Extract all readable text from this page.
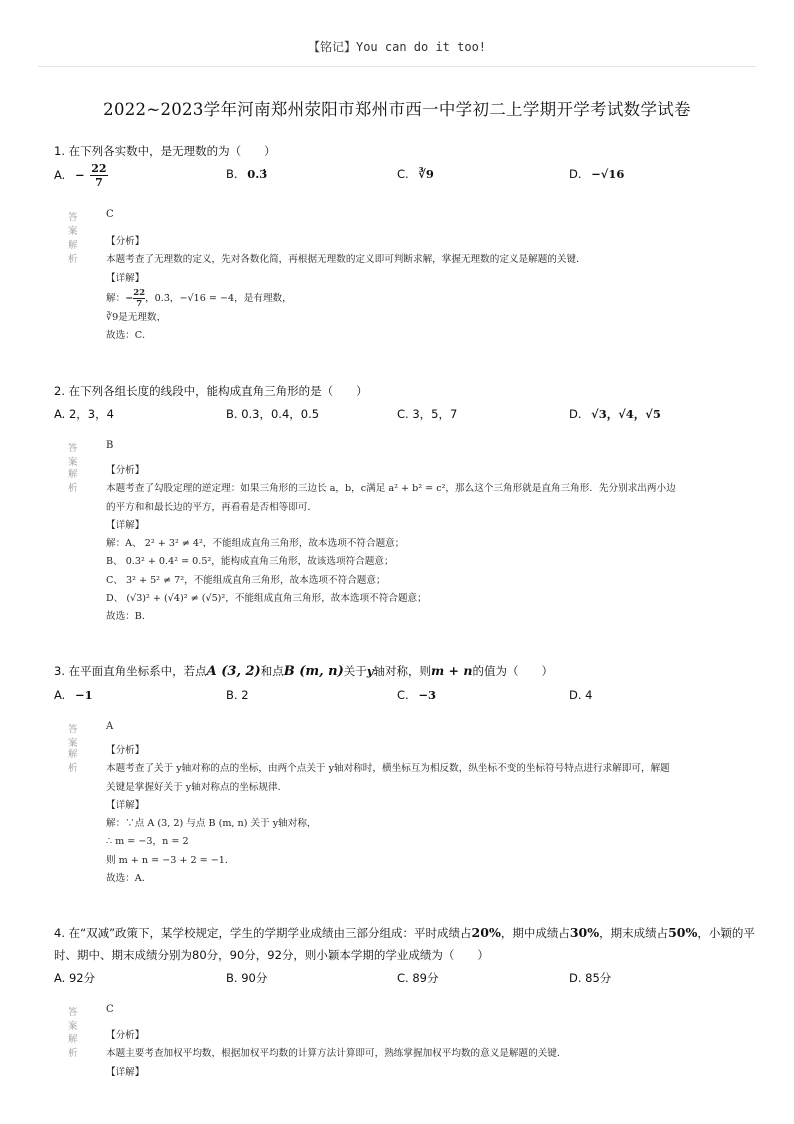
【铭记】You can do it too!
2022~2023学年河南郑州荥阳市郑州市西一中学初二上学期开学考试数学试卷
1. 在下列各实数中，是无理数的为（　　）
A. − $\frac{22}{7}$	B. 0.3̇	C. ∛9	D. −√16
答案
C
解析
【分析】
本题考查了无理数的定义，先对各数化简，再根据无理数的定义即可判断求解，掌握无理数的定义是解题的关键．
【详解】
解：− $\frac{22}{7}$ ，0.3̇，−√16 = −4，是有理数，
∛9是无理数，
故选：C．
2. 在下列各组长度的线段中，能构成直角三角形的是（　　）
A. 2，3，4	B. 0.3，0.4，0.5	C. 3，5，7	D. √3，√4，√5
答案
B
解析
【分析】
本题考查了勾股定理的逆定理：如果三角形的三边长 a，b，c满足 a² + b² = c²，那么这个三角形就是直角三角形．先分别求出两小边
的平方和和最长边的平方，再看看是否相等即可．
【详解】
解：A、 2² + 3² ≠ 4²，不能组成直角三角形，故本选项不符合题意；
B、 0.3² + 0.4² = 0.5²，能构成直角三角形，故该选项符合题意；
C、 3² + 5² ≠ 7²，不能组成直角三角形，故本选项不符合题意；
D、 (√3)² + (√4)² ≠ (√5)²，不能组成直角三角形，故本选项不符合题意；
故选：B．
3. 在平面直角坐标系中，若点A (3, 2)和点B (m, n)关于y轴对称，则m + n的值为（　　）
A. −1	B. 2	C. −3	D. 4
答案
A
解析
【分析】
本题考查了关于 y轴对称的点的坐标，由两个点关于 y轴对称时，横坐标互为相反数，纵坐标不变的坐标符号特点进行求解即可，解题
关键是掌握好关于 y轴对称点的坐标规律．
【详解】
解：∵点 A (3, 2) 与点 B (m, n) 关于 y轴对称，
∴ m = −3，n = 2
则 m + n = −3 + 2 = −1．
故选：A．
4. 在“双减”政策下，某学校规定，学生的学期学业成绩由三部分组成：平时成绩占20%，期中成绩占30%，期末成绩占50%，小颖的平
时、期中、期末成绩分别为80分，90分，92分，则小颖本学期的学业成绩为（　　）
A. 92分	B. 90分	C. 89分	D. 85分
答案
C
解析
【分析】
本题主要考查加权平均数，根据加权平均数的计算方法计算即可，熟练掌握加权平均数的意义是解题的关键．
【详解】
